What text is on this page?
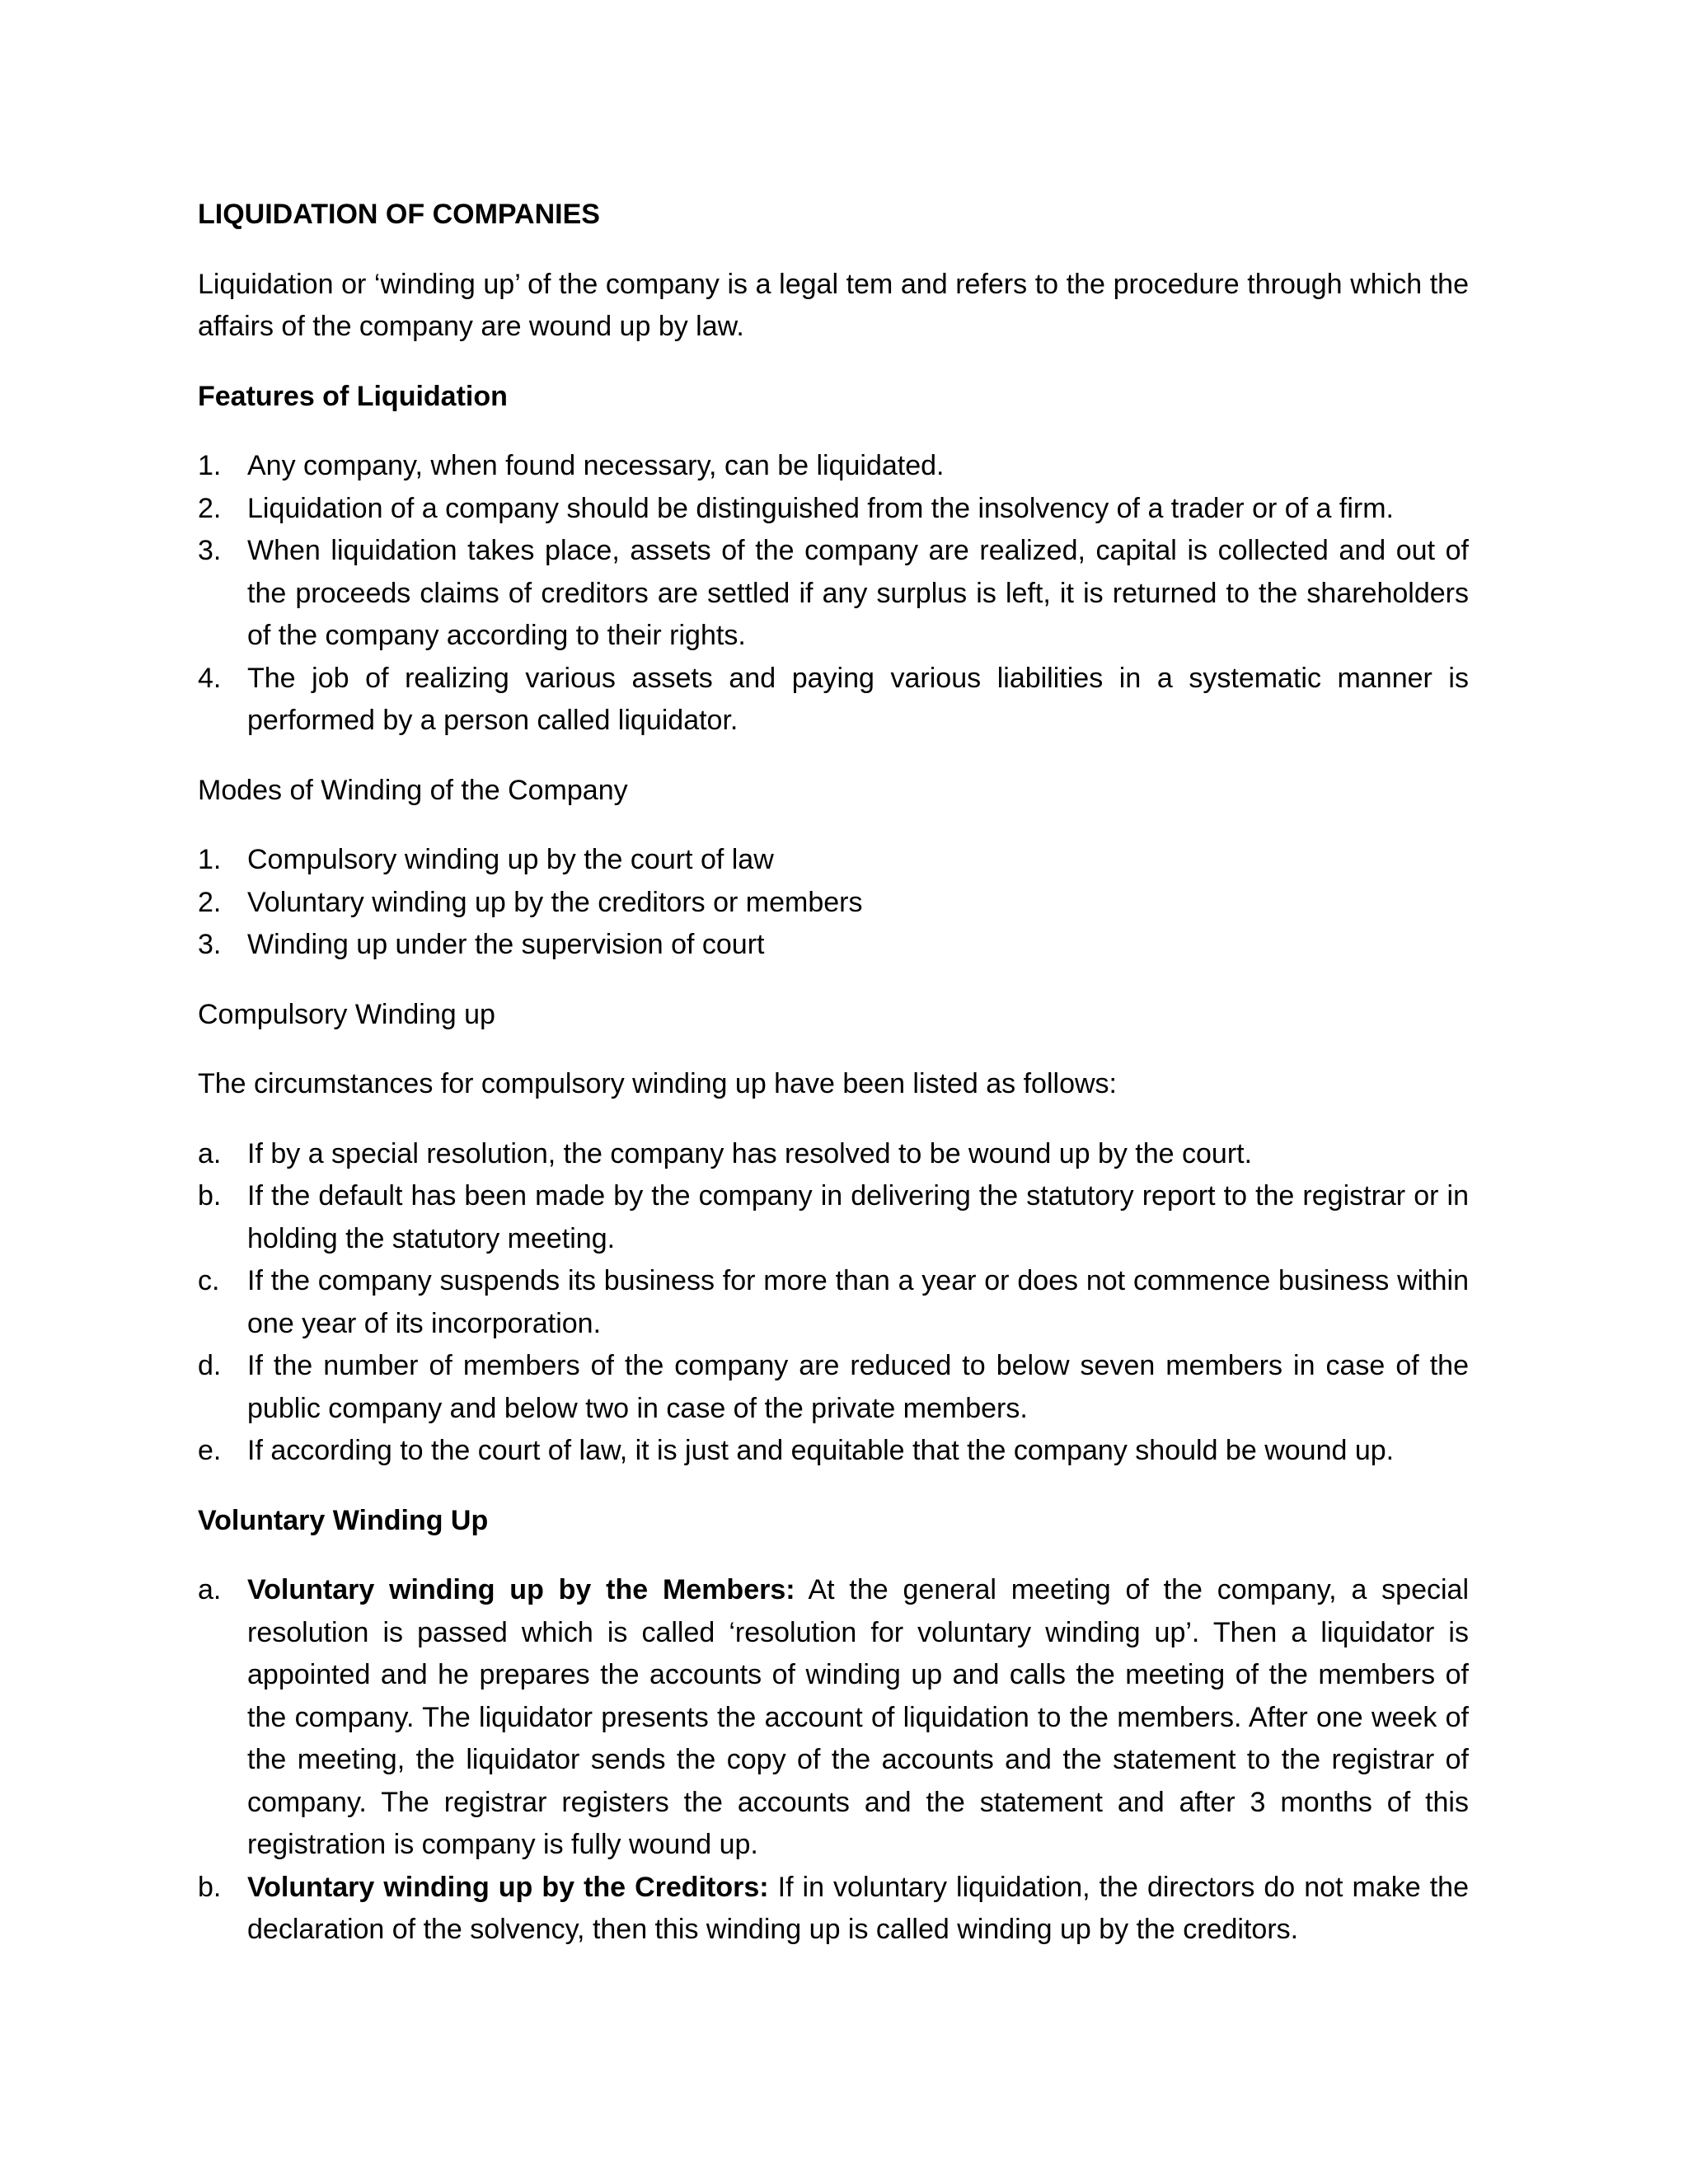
LIQUIDATION OF COMPANIES
Liquidation or ‘winding up’ of the company is a legal tem and refers to the procedure through which the affairs of the company are wound up by law.
Features of Liquidation
1. Any company, when found necessary, can be liquidated.
2. Liquidation of a company should be distinguished from the insolvency of a trader or of a firm.
3. When liquidation takes place, assets of the company are realized, capital is collected and out of the proceeds claims of creditors are settled if any surplus is left, it is returned to the shareholders of the company according to their rights.
4. The job of realizing various assets and paying various liabilities in a systematic manner is performed by a person called liquidator.
Modes of Winding of the Company
1. Compulsory winding up by the court of law
2. Voluntary winding up by the creditors or members
3. Winding up under the supervision of court
Compulsory Winding up
The circumstances for compulsory winding up have been listed as follows:
a. If by a special resolution, the company has resolved to be wound up by the court.
b. If the default has been made by the company in delivering the statutory report to the registrar or in holding the statutory meeting.
c. If the company suspends its business for more than a year or does not commence business within one year of its incorporation.
d. If the number of members of the company are reduced to below seven members in case of the public company and below two in case of the private members.
e. If according to the court of law, it is just and equitable that the company should be wound up.
Voluntary Winding Up
a. Voluntary winding up by the Members: At the general meeting of the company, a special resolution is passed which is called ‘resolution for voluntary winding up’. Then a liquidator is appointed and he prepares the accounts of winding up and calls the meeting of the members of the company. The liquidator presents the account of liquidation to the members. After one week of the meeting, the liquidator sends the copy of the accounts and the statement to the registrar of company. The registrar registers the accounts and the statement and after 3 months of this registration is company is fully wound up.
b. Voluntary winding up by the Creditors: If in voluntary liquidation, the directors do not make the declaration of the solvency, then this winding up is called winding up by the creditors.
